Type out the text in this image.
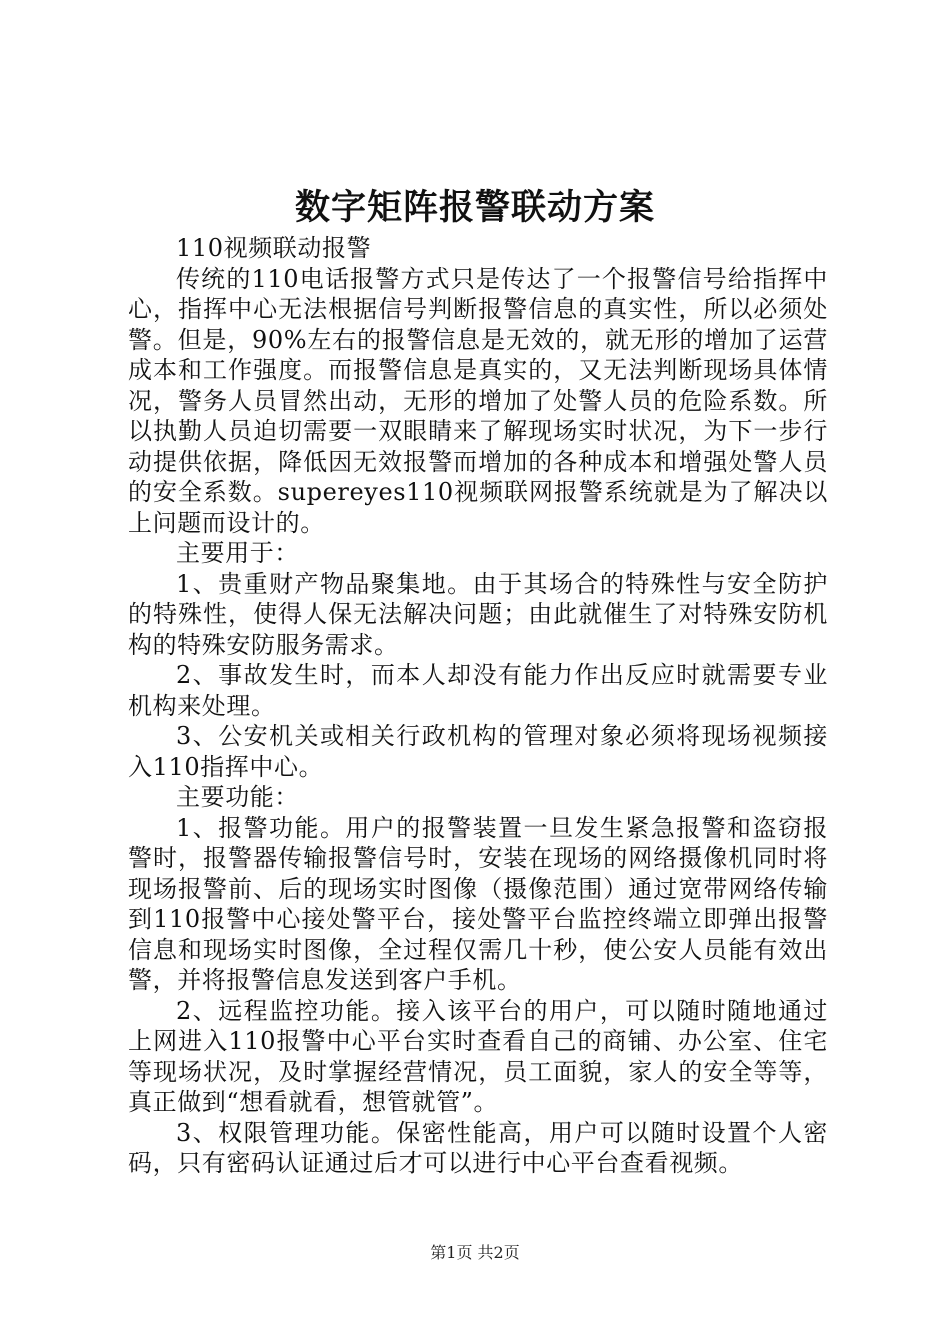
数字矩阵报警联动方案

110视频联动报警

传统的110电话报警方式只是传达了一个报警信号给指挥中心，指挥中心无法根据信号判断报警信息的真实性，所以必须处警。但是，90%左右的报警信息是无效的，就无形的增加了运营成本和工作强度。而报警信息是真实的，又无法判断现场具体情况，警务人员冒然出动，无形的增加了处警人员的危险系数。所以执勤人员迫切需要一双眼睛来了解现场实时状况，为下一步行动提供依据，降低因无效报警而增加的各种成本和增强处警人员的安全系数。supereyes110视频联网报警系统就是为了解决以上问题而设计的。

主要用于：

1、贵重财产物品聚集地。由于其场合的特殊性与安全防护的特殊性，使得人保无法解决问题；由此就催生了对特殊安防机构的特殊安防服务需求。

2、事故发生时，而本人却没有能力作出反应时就需要专业机构来处理。

3、公安机关或相关行政机构的管理对象必须将现场视频接入110指挥中心。

主要功能：

1、报警功能。用户的报警装置一旦发生紧急报警和盗窃报警时，报警器传输报警信号时，安装在现场的网络摄像机同时将现场报警前、后的现场实时图像（摄像范围）通过宽带网络传输到110报警中心接处警平台，接处警平台监控终端立即弹出报警信息和现场实时图像，全过程仅需几十秒，使公安人员能有效出警，并将报警信息发送到客户手机。

2、远程监控功能。接入该平台的用户，可以随时随地通过上网进入110报警中心平台实时查看自己的商铺、办公室、住宅等现场状况，及时掌握经营情况，员工面貌，家人的安全等等，真正做到“想看就看，想管就管”。

3、权限管理功能。保密性能高，用户可以随时设置个人密码，只有密码认证通过后才可以进行中心平台查看视频。

第1页 共2页
